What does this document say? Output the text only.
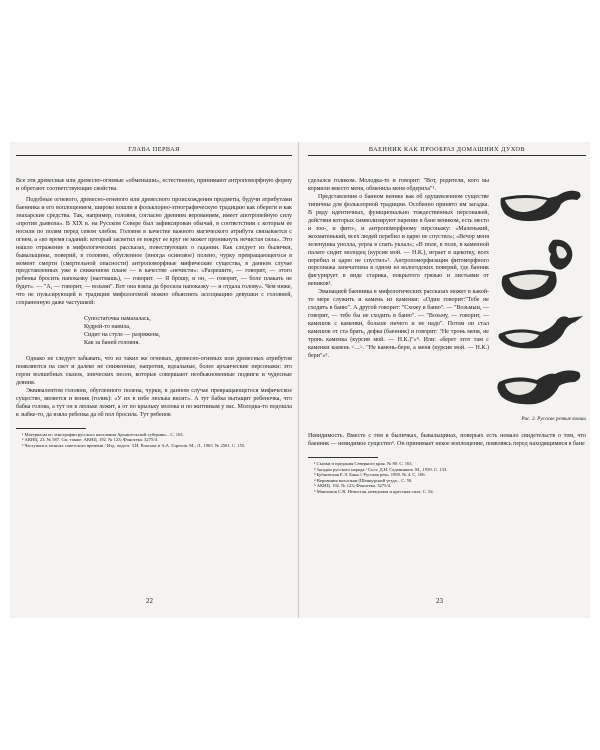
ГЛАВА ПЕРВАЯ

Все эти древесные или древесно-огневые «обменыши», естественно, принимают антропоморфную форму и обретают соответствующие свойства.

Подобные огневого, древесно-огневого или древесного происхождения предметы, будучи атрибутами баенника и его воплощением, широко вошли в фольклорно-этнографическую традицию как обереги и как знахарские средства. Так, например, головня, согласно древним верованиям, имеет апотропейную силу «против дьявола». В XIX в. на Русском Севере был зафиксирован обычай, в соответствии с которым ее носили по полям перед севом хлебов. Головня в качестве важного магического атрибута связывается с огнем, а «во время гаданий: который засветил ее вокруг ее круг не может проникнуть нечистая сила». Это нашло отражение в мифологических рассказах, повествующих о гадании. Как следует из былички, бывальщины, поверий, в головню, обугленное (иногда осиновое) полено, чурку превращающегося в момент смерти (смертельной опасности) антропоморфные мифические существа, в данном случае представленных уже в сниженном плане — в качестве «нечисти»: «Разрешите, — говорит, — этого ребенка бросить напоказку (наотмашь), — говорит. — Я брошу, и он, — говорит, — боле плакать не будет». — "А, — говорит, — возьми". Вот она взяла да бросила напоказку — и отдала голову». Чем ниже, что не пульсирующей в традиции мифологемой можно объяснить ассоциацию девушки с головней, сохраненную даже частушкой:

Супостаточка намазалась,
Кудрей-то навила,
Сидит на стуле — разряжена,
Как за баней головня.

Однако не следует забывать, что из таких же огневых, древесно-огневых или древесных атрибутов появляются на свет и далеко не сниженные, напротив, идеальные, более архаические персонажи: это герои волшебных сказок, эпических песен, которые совершают необыкновенные подвиги и чудесные деяния.

Эквивалентом головни, обугленного полена, чурки, в данном случае превращающегося мифическое существо, является и веник (голик): «У их в избе люлька висит». А тут бабка вытащит ребеночка, что бабка голова, а тут он в люльке лежит, а от по крыльку молока и по житникам у вас. Молодка-то подошла к зыбке-то, да взяла ребенка да об пол бросила. Тут ребенок

¹ Материалы по этнографии русского населения Архангельской губернии... С. 163.

² АКНЦ. 23. № 587. См. также: АКНЦ. 192. № 123; Фонотека. 3275/4.

³ Частушки в записях советского времени / Изд. подгот. З.И. Власова и А.А. Горелов. М.; Л., 1965. № 2501. С. 155.

22
ВАЕННИК КАК ПРООБРАЗ ДОМАШНИХ ДУХОВ

сделался голиком. Молодка-то и говорит: "Вот, родители, кого вы кормили вместо меня, обменила меня обдериха"¹.

Представления о банном венике как об одушевленном существе типичны для фольклорной традиции. Особенно принято им загадка. В ряду идентичных, функционально тождественных персонажей, действия которых символизируют парение в бане веником, есть место и зоо-, и фито-, и антропоморфному персонажу: «Маленький, жохматенький, всех людей перебил и царю не спустил»; «Вечор меня зеленушка уполла, уерла в спать уклал»; «В поле, в поле, в каменной палате сидит молодец (курсив мой. — Н.К.), играет в щекотку, всех перебил и царю не спустил»². Антропоморфизация фитоморфного персонажа запечатлена в одном из вологодских поверий, где банник фигурирует в виде старика, покрытого грязью и листьями от веников³.

Эманацией баенника в мифологических рассказах может в какой-то мере служить и камень из каменки: «Один говорит:"Тебе не сходить в баню". А другой говорит: "Схожу в баню". — "Возьмыи, — говорит, — тебе бы не сходить в баню". — "Возьму, — говорит, — камешок с каменки, больше ничего и не надо". Потом он стал камешок от ста брать, дефка (баенник) и говорит: "Не тронь меня, не тронь каменка (курсив мой. — Н.К.)"»⁴. Или: «берет этот там с каменки камень <...>. "Не камень-берн, а меня (курсив мой. — Н.К.) бери"»⁵.

Рис. 3. Русские резные ковши

Невидимость. Вместе с тем в быличках, бывальщинах, поверьях есть немало свидетельств о том, что баенник — невидимое существо⁶. Он принимает некое воплощение, появляясь перед находящимися в бане

¹ Сказки и предания Северного края. № 80. С. 163.

² Загадки русского народа / Сост. Д.Н. Садовников. М., 1959. С. 133.

³ Бубновская Е.Э. Баня // Русская речь. 1990. № 4. С. 106.

⁴ Верования вологжан (Шенкурский уезда... С. 59.

⁵ АКНЦ. 192. № 123; Фонотека. 3275/4.

⁶ Максимов С.В. Нечистая, неведомая и крестная сила. С. 54.

23
